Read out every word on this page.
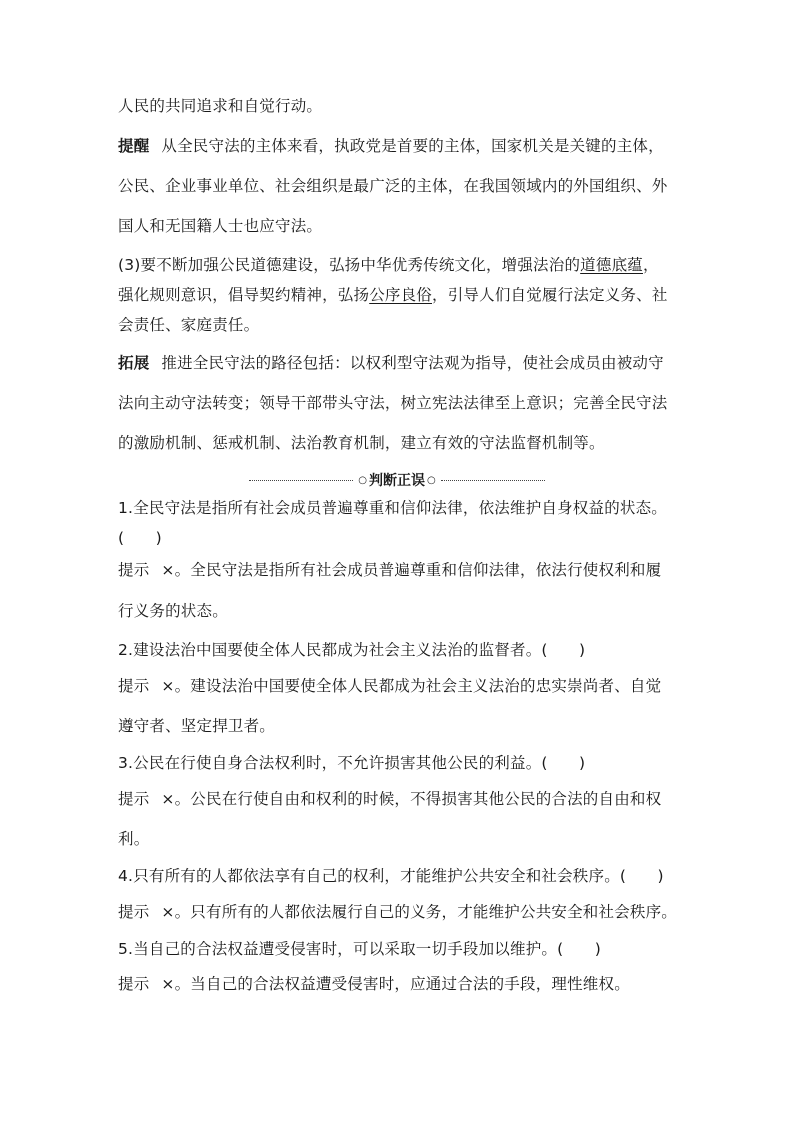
人民的共同追求和自觉行动。
提醒 从全民守法的主体来看，执政党是首要的主体，国家机关是关键的主体，
公民、企业事业单位、社会组织是最广泛的主体，在我国领域内的外国组织、外
国人和无国籍人士也应守法。
(3)要不断加强公民道德建设，弘扬中华优秀传统文化，增强法治的道德底蕴，
强化规则意识，倡导契约精神，弘扬公序良俗，引导人们自觉履行法定义务、社
会责任、家庭责任。
拓展 推进全民守法的路径包括：以权利型守法观为指导，使社会成员由被动守
法向主动守法转变；领导干部带头守法，树立宪法法律至上意识；完善全民守法
的激励机制、惩戒机制、法治教育机制，建立有效的守法监督机制等。
○ 判断正误 ○
1.全民守法是指所有社会成员普遍尊重和信仰法律，依法维护自身权益的状态。
(　　)
提示 ×。全民守法是指所有社会成员普遍尊重和信仰法律，依法行使权利和履
行义务的状态。
2.建设法治中国要使全体人民都成为社会主义法治的监督者。(　　)
提示 ×。建设法治中国要使全体人民都成为社会主义法治的忠实崇尚者、自觉
遵守者、坚定捍卫者。
3.公民在行使自身合法权利时，不允许损害其他公民的利益。(　　)
提示 ×。公民在行使自由和权利的时候，不得损害其他公民的合法的自由和权
利。
4.只有所有的人都依法享有自己的权利，才能维护公共安全和社会秩序。(　　)
提示 ×。只有所有的人都依法履行自己的义务，才能维护公共安全和社会秩序。
5.当自己的合法权益遭受侵害时，可以采取一切手段加以维护。(　　)
提示 ×。当自己的合法权益遭受侵害时，应通过合法的手段，理性维权。
